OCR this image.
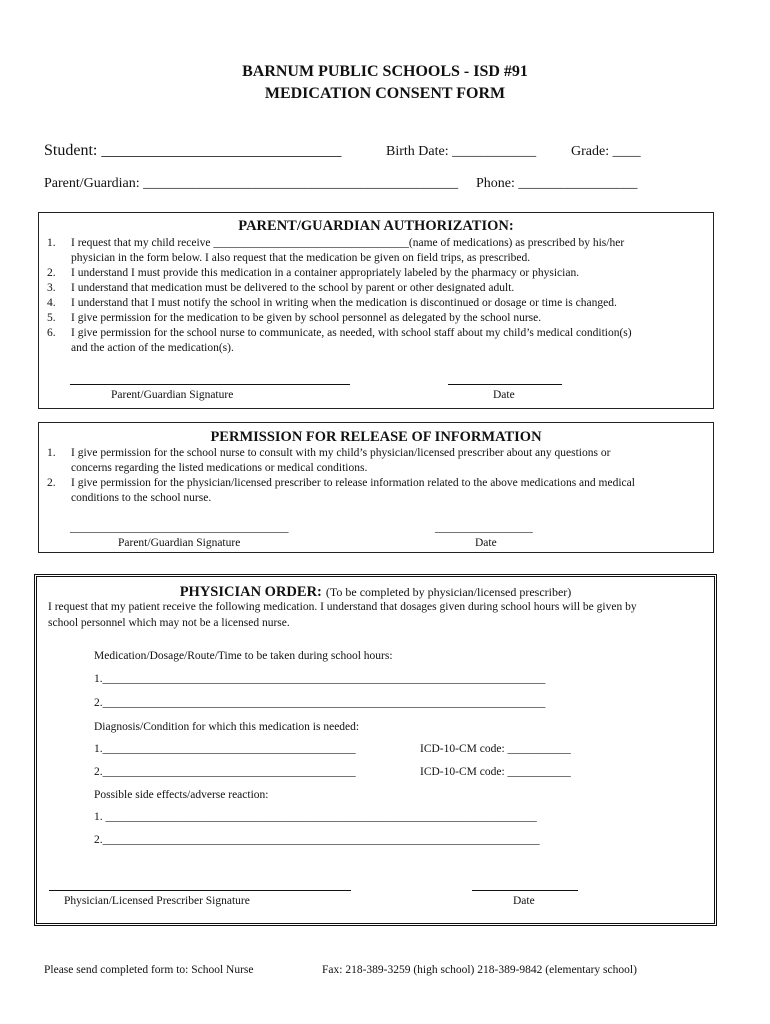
BARNUM PUBLIC SCHOOLS - ISD #91
MEDICATION CONSENT FORM
Student: ______________________________	Birth Date: ____________ Grade: ____
Parent/Guardian: _____________________________________________ Phone: _________________
PARENT/GUARDIAN AUTHORIZATION:
1. I request that my child receive __________________________________(name of medications) as prescribed by his/her
physician in the form below. I also request that the medication be given on field trips, as prescribed.
2. I understand I must provide this medication in a container appropriately labeled by the pharmacy or physician.
3. I understand that medication must be delivered to the school by parent or other designated adult.
4. I understand that I must notify the school in writing when the medication is discontinued or dosage or time is changed.
5. I give permission for the medication to be given by school personnel as delegated by the school nurse.
6. I give permission for the school nurse to communicate, as needed, with school staff about my child’s medical condition(s)
and the action of the medication(s).
Parent/Guardian Signature	Date
PERMISSION FOR RELEASE OF INFORMATION
1. I give permission for the school nurse to consult with my child’s physician/licensed prescriber about any questions or
concerns regarding the listed medications or medical conditions.
2. I give permission for the physician/licensed prescriber to release information related to the above medications and medical
conditions to the school nurse.
______________________________________	_________________
Parent/Guardian Signature	Date
PHYSICIAN ORDER: (To be completed by physician/licensed prescriber)
I request that my patient receive the following medication. I understand that dosages given during school hours will be given by
school personnel which may not be a licensed nurse.
Medication/Dosage/Route/Time to be taken during school hours:
1._____________________________________________________________________________
2._____________________________________________________________________________
Diagnosis/Condition for which this medication is needed:
1.____________________________________________	ICD-10-CM code: ___________
2.____________________________________________	ICD-10-CM code: ___________
Possible side effects/adverse reaction:
1. ___________________________________________________________________________
2.____________________________________________________________________________
Physician/Licensed Prescriber Signature	Date
Please send completed form to: School Nurse	Fax: 218-389-3259 (high school) 218-389-9842 (elementary school)
